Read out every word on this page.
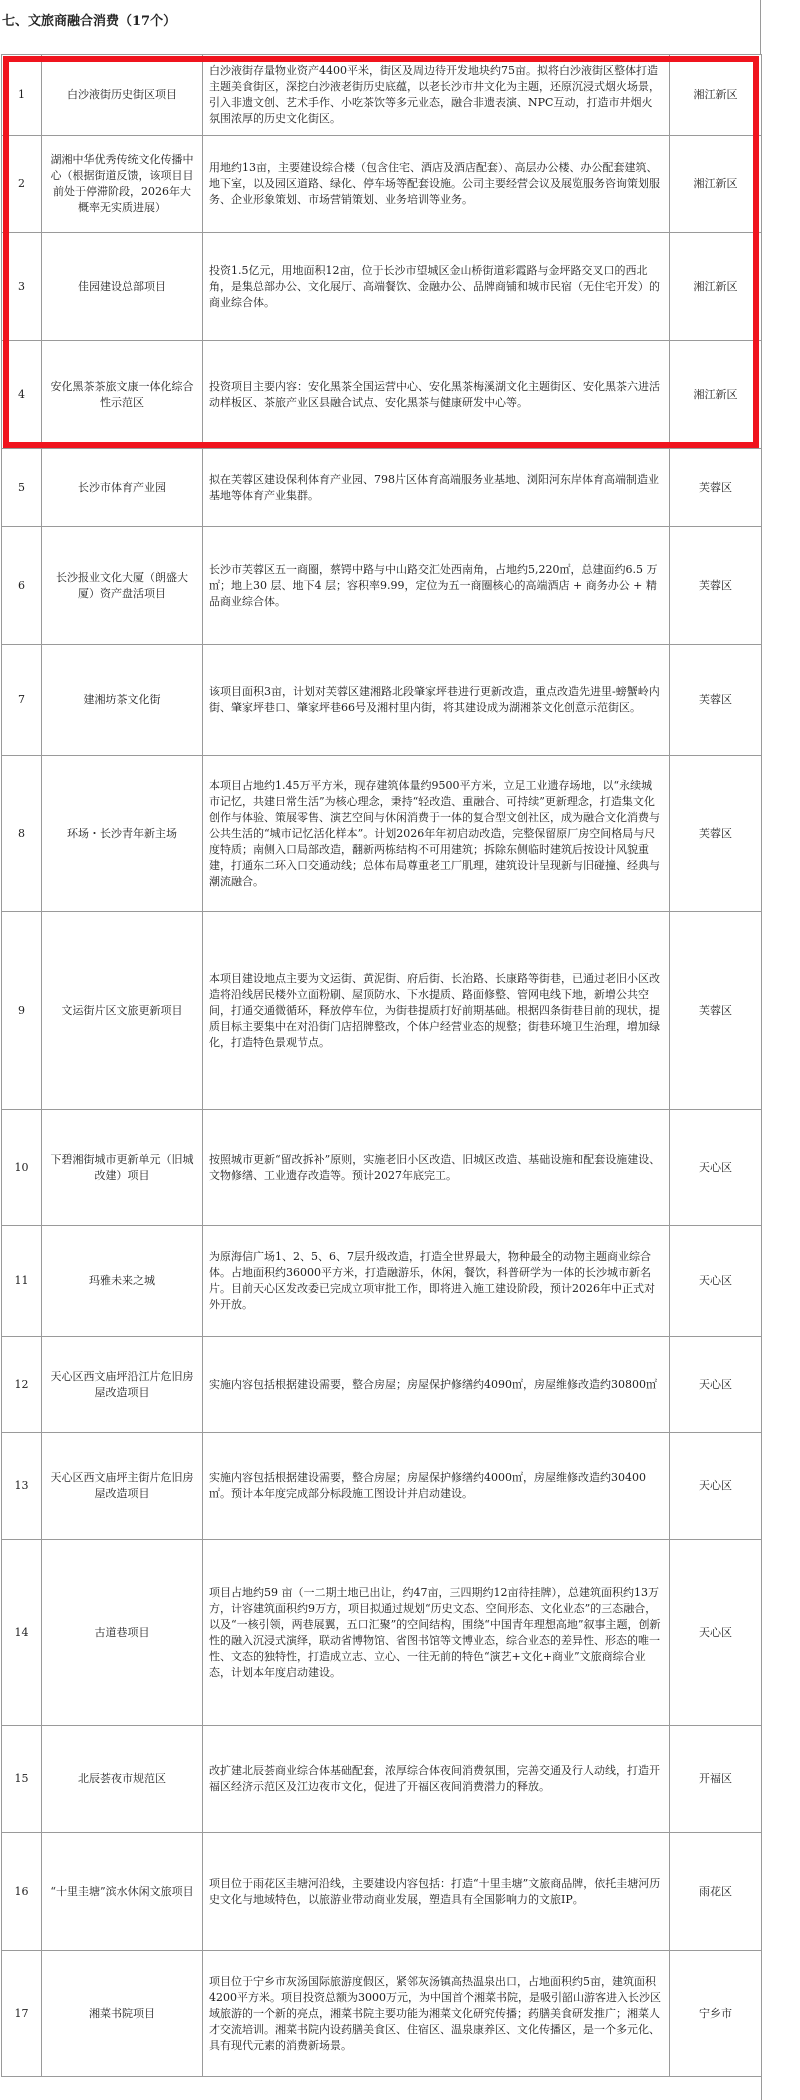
七、文旅商融合消费（17个）
1	白沙液街历史街区项目	白沙液街存量物业资产4400平米，街区及周边待开发地块约75亩。拟将白沙液街区整体打造主题美食街区，深挖白沙液老街历史底蕴，以老长沙市井文化为主题，还原沉浸式烟火场景，引入非遗文创、艺术手作、小吃茶饮等多元业态，融合非遗表演、NPC互动，打造市井烟火氛围浓厚的历史文化街区。	湘江新区
2	湖湘中华优秀传统文化传播中心（根据街道反馈，该项目目前处于停滞阶段，2026年大概率无实质进展）	用地约13亩，主要建设综合楼（包含住宅、酒店及酒店配套）、高层办公楼、办公配套建筑、地下室，以及园区道路、绿化、停车场等配套设施。公司主要经营会议及展览服务咨询策划服务、企业形象策划、市场营销策划、业务培训等业务。	湘江新区
3	佳园建设总部项目	投资1.5亿元，用地面积12亩，位于长沙市望城区金山桥街道彩霞路与金坪路交叉口的西北角，是集总部办公、文化展厅、高端餐饮、金融办公、品牌商铺和城市民宿（无住宅开发）的商业综合体。	湘江新区
4	安化黑茶茶旅文康一体化综合性示范区	投资项目主要内容：安化黑茶全国运营中心、安化黑茶梅溪湖文化主题街区、安化黑茶六进活动样板区、茶旅产业区县融合试点、安化黑茶与健康研发中心等。	湘江新区
5	长沙市体育产业园	拟在芙蓉区建设保利体育产业园、798片区体育高端服务业基地、浏阳河东岸体育高端制造业基地等体育产业集群。	芙蓉区
6	长沙报业文化大厦（朗盛大厦）资产盘活项目	长沙市芙蓉区五一商圈，蔡锷中路与中山路交汇处西南角，占地约5,220㎡，总建面约6.5 万㎡；地上30 层、地下4 层；容积率9.99，定位为五一商圈核心的高端酒店 + 商务办公 + 精品商业综合体。	芙蓉区
7	建湘坊茶文化街	该项目面积3亩，计划对芙蓉区建湘路北段肇家坪巷进行更新改造，重点改造先进里-螃蟹岭内街、肇家坪巷口、肇家坪巷66号及湘村里内街，将其建设成为湖湘茶文化创意示范街区。	芙蓉区
8	环场・长沙青年新主场	本项目占地约1.45万平方米，现存建筑体量约9500平方米，立足工业遗存场地，以“永续城市记忆，共建日常生活”为核心理念，秉持“轻改造、重融合、可持续”更新理念，打造集文化创作与体验、策展零售、演艺空间与休闲消费于一体的复合型文创社区，成为融合文化消费与公共生活的“城市记忆活化样本”。计划2026年年初启动改造，完整保留原厂房空间格局与尺度特质；南侧入口局部改造，翻新两栋结构不可用建筑；拆除东侧临时建筑后按设计风貌重建，打通东二环入口交通动线；总体布局尊重老工厂肌理，建筑设计呈现新与旧碰撞、经典与潮流融合。	芙蓉区
9	文运街片区文旅更新项目	本项目建设地点主要为文运街、黄泥街、府后街、长治路、长康路等街巷，已通过老旧小区改造将沿线居民楼外立面粉刷、屋顶防水、下水提质、路面修整、管网电线下地，新增公共空间，打通交通微循环，释放停车位，为街巷提质打好前期基础。根据四条街巷目前的现状，提质目标主要集中在对沿街门店招牌整改，个体户经营业态的规整；街巷环境卫生治理，增加绿化，打造特色景观节点。	芙蓉区
10	下碧湘街城市更新单元（旧城改建）项目	按照城市更新“留改拆补”原则，实施老旧小区改造、旧城区改造、基础设施和配套设施建设、文物修缮、工业遗存改造等。预计2027年底完工。	天心区
11	玛雅未来之城	为原海信广场1、2、5、6、7层升级改造，打造全世界最大，物种最全的动物主题商业综合体。占地面积约36000平方米，打造融游乐，休闲，餐饮，科普研学为一体的长沙城市新名片。目前天心区发改委已完成立项审批工作，即将进入施工建设阶段，预计2026年中正式对外开放。	天心区
12	天心区西文庙坪沿江片危旧房屋改造项目	实施内容包括根据建设需要，整合房屋；房屋保护修缮约4090㎡，房屋维修改造约30800㎡	天心区
13	天心区西文庙坪主街片危旧房屋改造项目	实施内容包括根据建设需要，整合房屋；房屋保护修缮约4000㎡，房屋维修改造约30400㎡。预计本年度完成部分标段施工图设计并启动建设。	天心区
14	古道巷项目	项目占地约59 亩（一二期土地已出让，约47亩，三四期约12亩待挂牌），总建筑面积约13万方，计容建筑面积约9万方，项目拟通过规划“历史文态、空间形态、文化业态”的三态融合，以及“一核引领，两巷展翼，五口汇聚”的空间结构，围绕“中国青年理想高地”叙事主题，创新性的融入沉浸式演绎，联动省博物馆、省图书馆等文博业态，综合业态的差异性、形态的唯一性、文态的独特性，打造成立志、立心、一往无前的特色“演艺+文化+商业”文旅商综合业态，计划本年度启动建设。	天心区
15	北辰荟夜市规范区	改扩建北辰荟商业综合体基础配套，浓厚综合体夜间消费氛围，完善交通及行人动线，打造开福区经济示范区及江边夜市文化，促进了开福区夜间消费潜力的释放。	开福区
16	“十里圭塘”滨水休闲文旅项目	项目位于雨花区圭塘河沿线，主要建设内容包括：打造“十里圭塘”文旅商品牌，依托圭塘河历史文化与地域特色，以旅游业带动商业发展，塑造具有全国影响力的文旅IP。	雨花区
17	湘菜书院项目	项目位于宁乡市灰汤国际旅游度假区，紧邻灰汤镇高热温泉出口，占地面积约5亩，建筑面积4200平方米。项目投资总额为3000万元，为中国首个湘菜书院，是吸引韶山游客进入长沙区域旅游的一个新的亮点，湘菜书院主要功能为湘菜文化研究传播；药膳美食研发推广；湘菜人才交流培训。湘菜书院内设药膳美食区、住宿区、温泉康养区、文化传播区，是一个多元化、具有现代元素的消费新场景。	宁乡市
